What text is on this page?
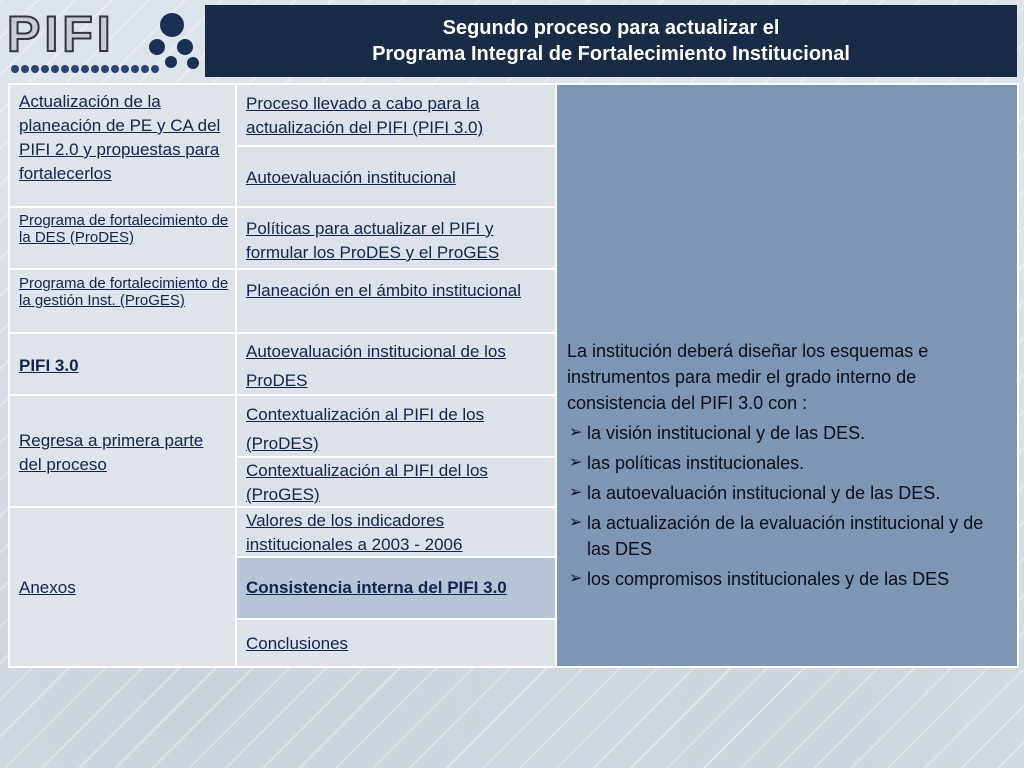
PIFI	Segundo proceso para actualizar el
Programa Integral de Fortalecimiento Institucional
Actualización de la planeación de PE y CA del PIFI 2.0 y propuestas para fortalecerlos
Programa de fortalecimiento de la DES (ProDES)
Programa de fortalecimiento de la gestión Inst. (ProGES)
PIFI 3.0
Regresa a primera parte del proceso
Anexos
Proceso llevado a cabo para la actualización del PIFI (PIFI 3.0)
Autoevaluación institucional
Políticas para actualizar el PIFI y formular los ProDES y el ProGES
Planeación en el ámbito institucional
Autoevaluación institucional de los ProDES
Contextualización al PIFI de los (ProDES)
Contextualización al PIFI del los (ProGES)
Valores de los indicadores institucionales a 2003 - 2006
Consistencia interna del PIFI 3.0
Conclusiones
La institución deberá diseñar los esquemas e instrumentos para medir el grado interno de consistencia del PIFI 3.0 con :
➢ la visión institucional y de las DES.
➢ las políticas institucionales.
➢ la autoevaluación institucional y de las DES.
➢ la actualización de la evaluación institucional y de las DES
➢ los compromisos institucionales y de las DES
